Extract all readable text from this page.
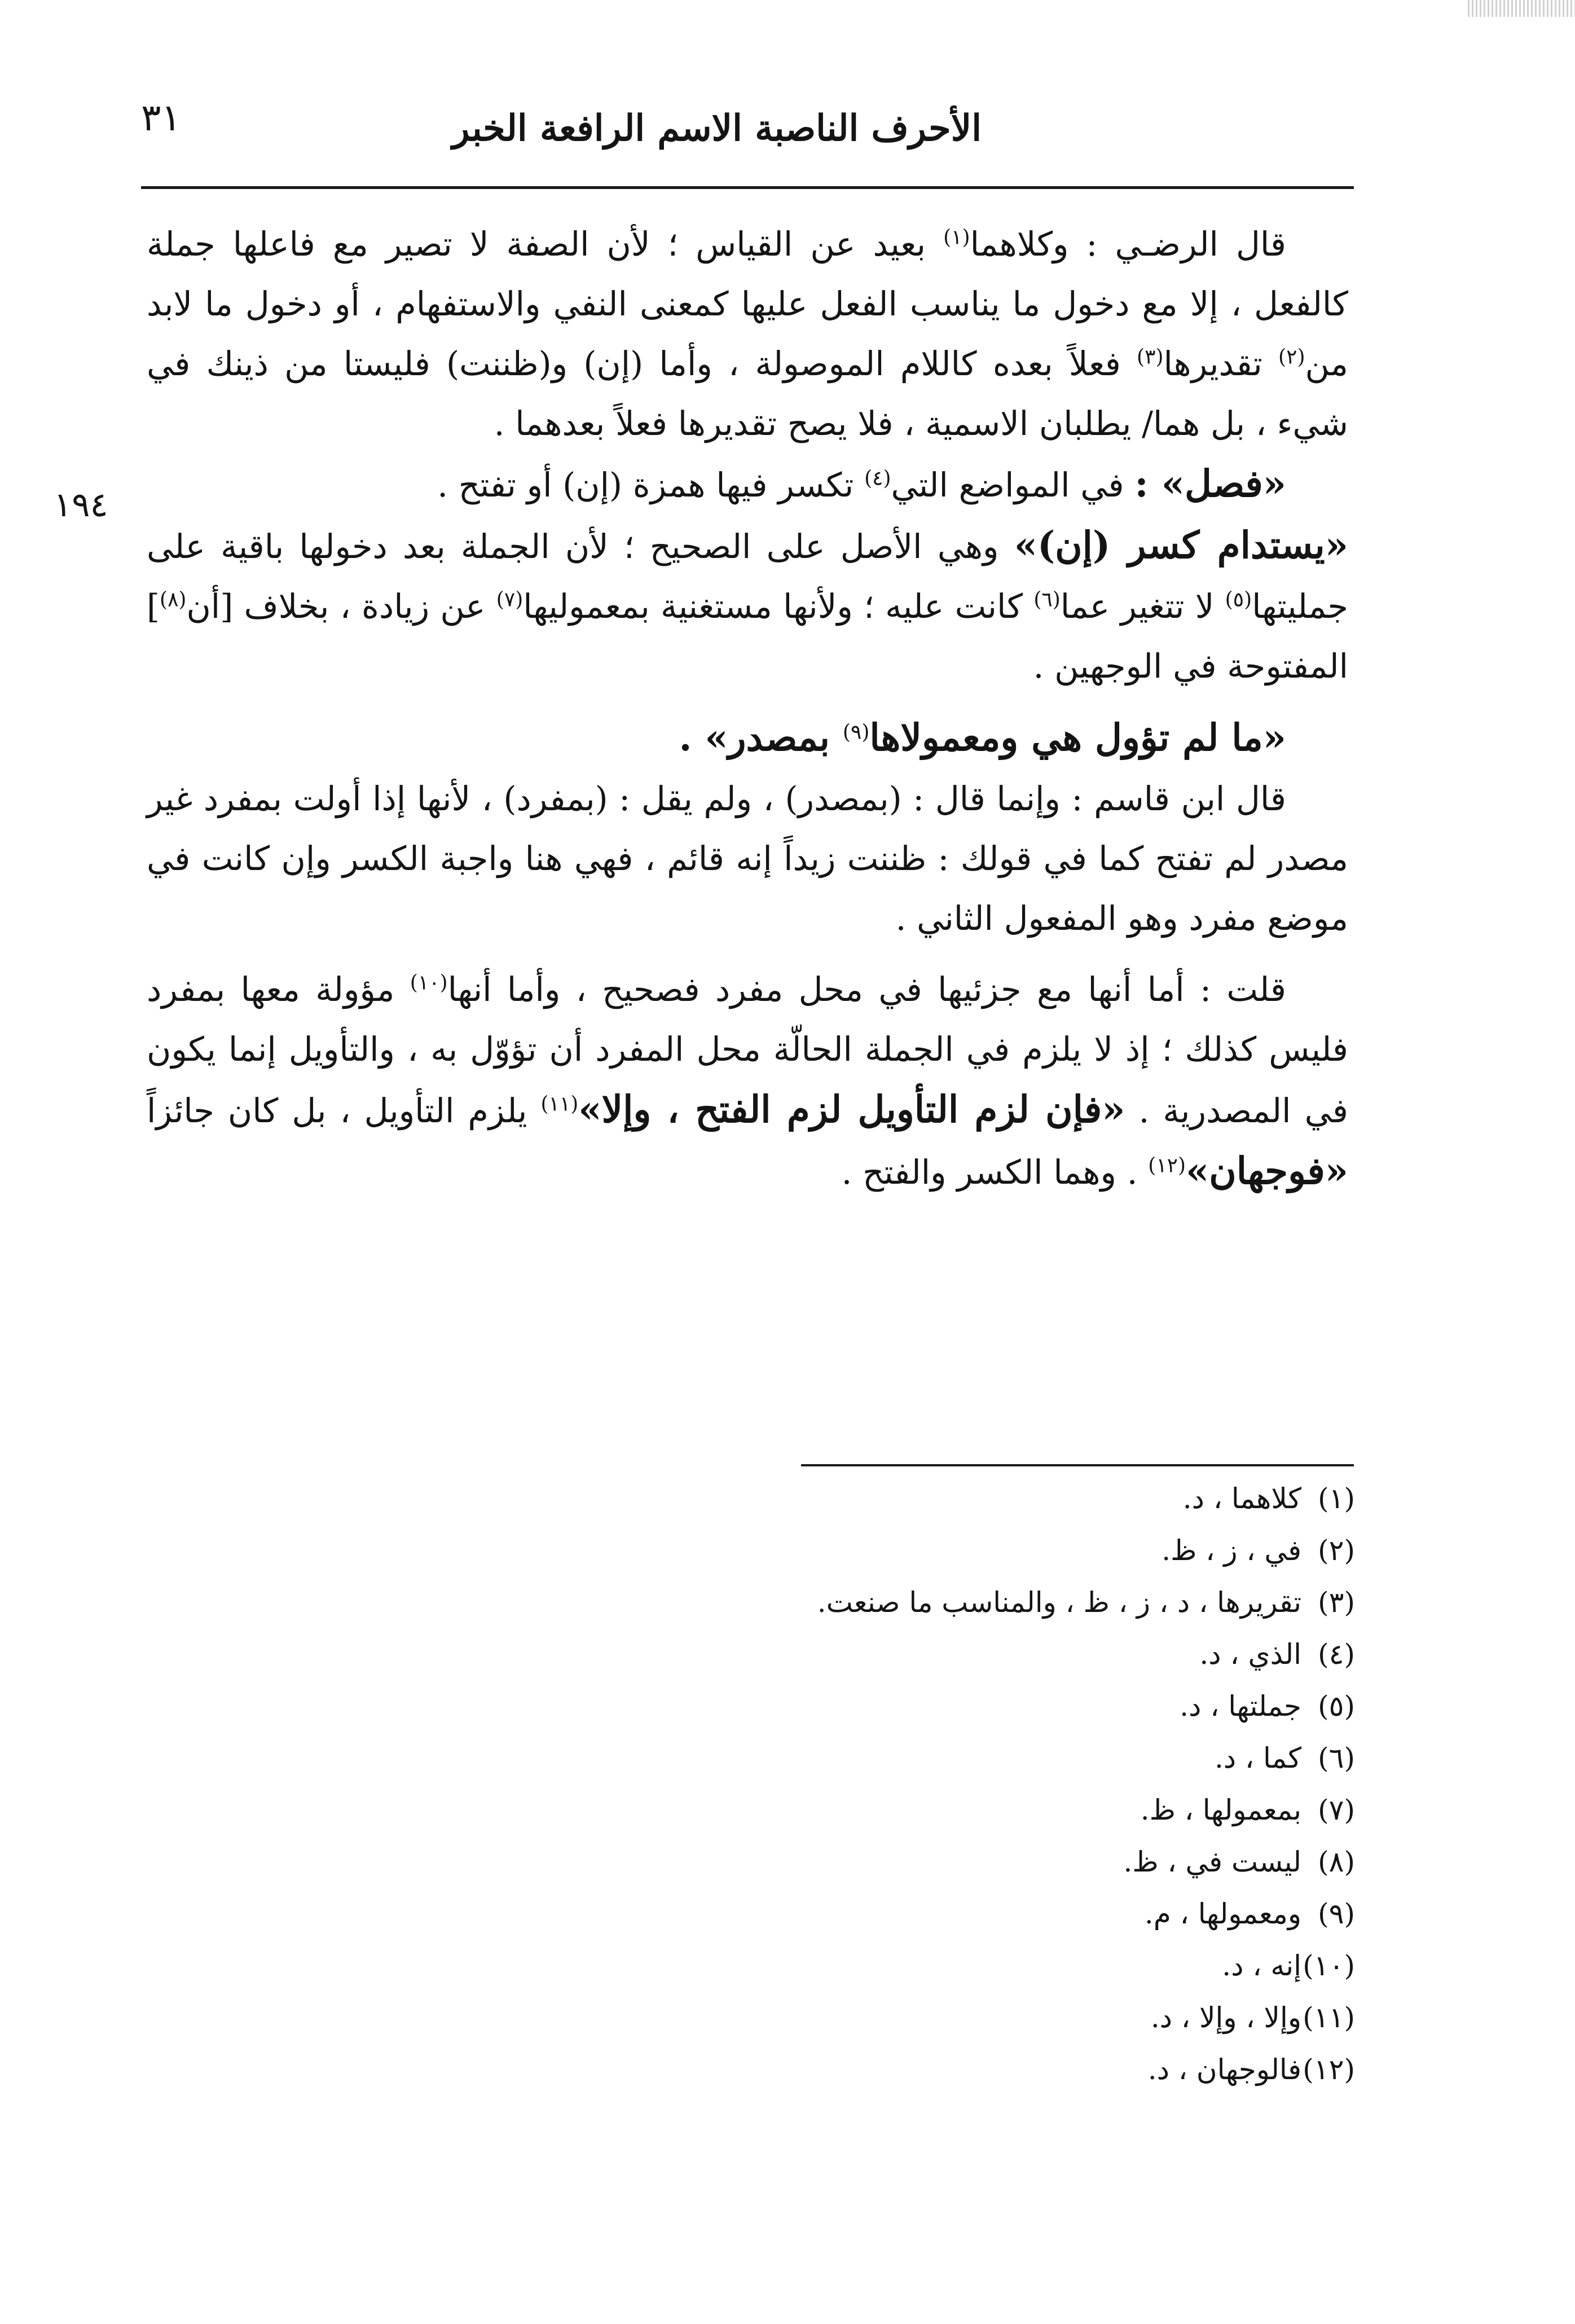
٣١	الأحرف الناصبة الاسم الرافعة الخبر
١٩٤

قال الرضـي : وكلاهما$^{(١)}$ بعيد عن القياس ؛ لأن الصفة لا تصير مع فاعلها جملة كالفعل ، إلا مع دخول ما يناسب الفعل عليها كمعنى النفي والاستفهام ، أو دخول ما لابد من$^{(٢)}$ تقديرها$^{(٣)}$ فعلاً بعده كاللام الموصولة ، وأما (إن) و(ظننت) فليستا من ذينك في شيء ، بل هما/ يطلبان الاسمية ، فلا يصح تقديرها فعلاً بعدهما .

«فصل» : في المواضع التي$^{(٤)}$ تكسر فيها همزة (إن) أو تفتح .

«يستدام كسر (إن)» وهي الأصل على الصحيح ؛ لأن الجملة بعد دخولها باقية على جمليتها$^{(٥)}$ لا تتغير عما$^{(٦)}$ كانت عليه ؛ ولأنها مستغنية بمعموليها$^{(٧)}$ عن زيادة ، بخلاف [أن$^{(٨)}$] المفتوحة في الوجهين .

«ما لم تؤول هي ومعمولاها$^{(٩)}$ بمصدر» .

قال ابن قاسم : وإنما قال : (بمصدر) ، ولم يقل : (بمفرد) ، لأنها إذا أولت بمفرد غير مصدر لم تفتح كما في قولك : ظننت زيداً إنه قائم ، فهي هنا واجبة الكسر وإن كانت في موضع مفرد وهو المفعول الثاني .

قلت : أما أنها مع جزئيها في محل مفرد فصحيح ، وأما أنها$^{(١٠)}$ مؤولة معها بمفرد فليس كذلك ؛ إذ لا يلزم في الجملة الحالّة محل المفرد أن تؤوّل به ، والتأويل إنما يكون في المصدرية . «فإن لزم التأويل لزم الفتح ، وإلا»$^{(١١)}$ يلزم التأويل ، بل كان جائزاً «فوجهان»$^{(١٢)}$ . وهما الكسر والفتح .

(١)كلاهما ، د.
(٢)في ، ز ، ظ.
(٣)تقريرها ، د ، ز ، ظ ، والمناسب ما صنعت.
(٤)الذي ، د.
(٥)جملتها ، د.
(٦)كما ، د.
(٧)بمعمولها ، ظ.
(٨)ليست في ، ظ.
(٩)ومعمولها ، م.
(١٠)إنه ، د.
(١١)وإلا ، وإلا ، د.
(١٢)فالوجهان ، د.
